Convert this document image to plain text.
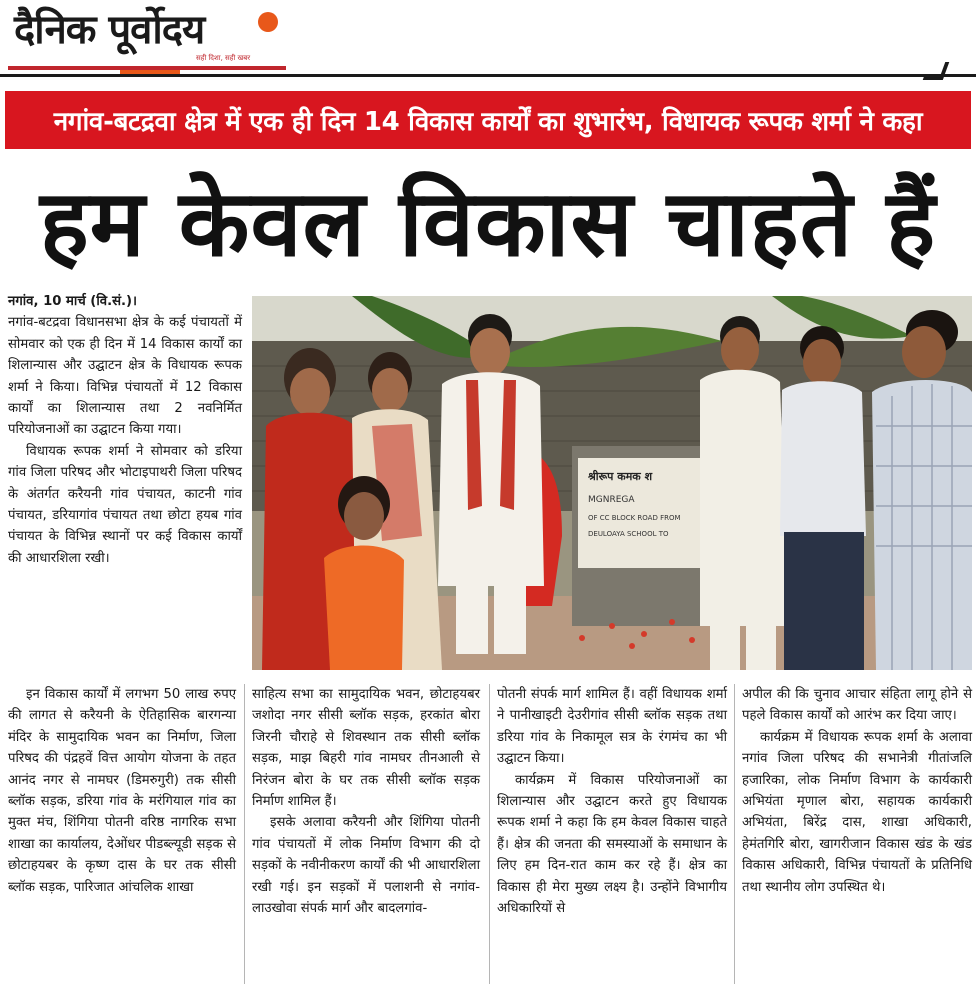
दैनिक पूर्वोदय
सही दिशा, सही खबर
नगांव-बटद्रवा क्षेत्र में एक ही दिन 14 विकास कार्यों का शुभारंभ, विधायक रूपक शर्मा ने कहा
हम केवल विकास चाहते हैं
श्रीरूप कमक श
MGNREGA
OF CC BLOCK ROAD FROM
DEULOAYA SCHOOL TO

नगांव, 10 मार्च (वि.सं.)।

नगांव-बटद्रवा विधानसभा क्षेत्र के कई पंचायतों में सोमवार को एक ही दिन में 14 विकास कार्यों का शिलान्यास और उद्घाटन क्षेत्र के विधायक रूपक शर्मा ने किया। विभिन्न पंचायतों में 12 विकास कार्यों का शिलान्यास तथा 2 नवनिर्मित परियोजनाओं का उद्घाटन किया गया।

विधायक रूपक शर्मा ने सोमवार को डरिया गांव जिला परिषद और भोटाइपाथरी जिला परिषद के अंतर्गत करैयनी गांव पंचायत, काटनी गांव पंचायत, डरियागांव पंचायत तथा छोटा हयब गांव पंचायत के विभिन्न स्थानों पर कई विकास कार्यों की आधारशिला रखी।

इन विकास कार्यों में लगभग 50 लाख रुपए की लागत से करैयनी के ऐतिहासिक बारगन्या मंदिर के सामुदायिक भवन का निर्माण, जिला परिषद की पंद्रहवें वित्त आयोग योजना के तहत आनंद नगर से नामघर (डिमरुगुरी) तक सीसी ब्लॉक सड़क, डरिया गांव के मरंगियाल गांव का मुक्त मंच, शिंगिया पोतनी वरिष्ठ नागरिक सभा शाखा का कार्यालय, देओंधर पीडब्ल्यूडी सड़क से छोटाहयबर के कृष्ण दास के घर तक सीसी ब्लॉक सड़क, पारिजात आंचलिक शाखा

साहित्य सभा का सामुदायिक भवन, छोटाहयबर जशोदा नगर सीसी ब्लॉक सड़क, हरकांत बोरा जिरनी चौराहे से शिवस्थान तक सीसी ब्लॉक सड़क, माझ बिहरी गांव नामघर तीनआली से निरंजन बोरा के घर तक सीसी ब्लॉक सड़क निर्माण शामिल हैं।

इसके अलावा करैयनी और शिंगिया पोतनी गांव पंचायतों में लोक निर्माण विभाग की दो सड़कों के नवीनीकरण कार्यों की भी आधारशिला रखी गई। इन सड़कों में पलाशनी से नगांव-लाउखोवा संपर्क मार्ग और बादलगांव-

पोतनी संपर्क मार्ग शामिल हैं। वहीं विधायक शर्मा ने पानीखाइटी देउरीगांव सीसी ब्लॉक सड़क तथा डरिया गांव के निकामूल सत्र के रंगमंच का भी उद्घाटन किया।

कार्यक्रम में विकास परियोजनाओं का शिलान्यास और उद्घाटन करते हुए विधायक रूपक शर्मा ने कहा कि हम केवल विकास चाहते हैं। क्षेत्र की जनता की समस्याओं के समाधान के लिए हम दिन-रात काम कर रहे हैं। क्षेत्र का विकास ही मेरा मुख्य लक्ष्य है। उन्होंने विभागीय अधिकारियों से

अपील की कि चुनाव आचार संहिता लागू होने से पहले विकास कार्यों को आरंभ कर दिया जाए।

कार्यक्रम में विधायक रूपक शर्मा के अलावा नगांव जिला परिषद की सभानेत्री गीतांजलि हजारिका, लोक निर्माण विभाग के कार्यकारी अभियंता मृणाल बोरा, सहायक कार्यकारी अभियंता, बिरेंद्र दास, शाखा अधिकारी, हेमंतगिरि बोरा, खागरीजान विकास खंड के खंड विकास अधिकारी, विभिन्न पंचायतों के प्रतिनिधि तथा स्थानीय लोग उपस्थित थे।
